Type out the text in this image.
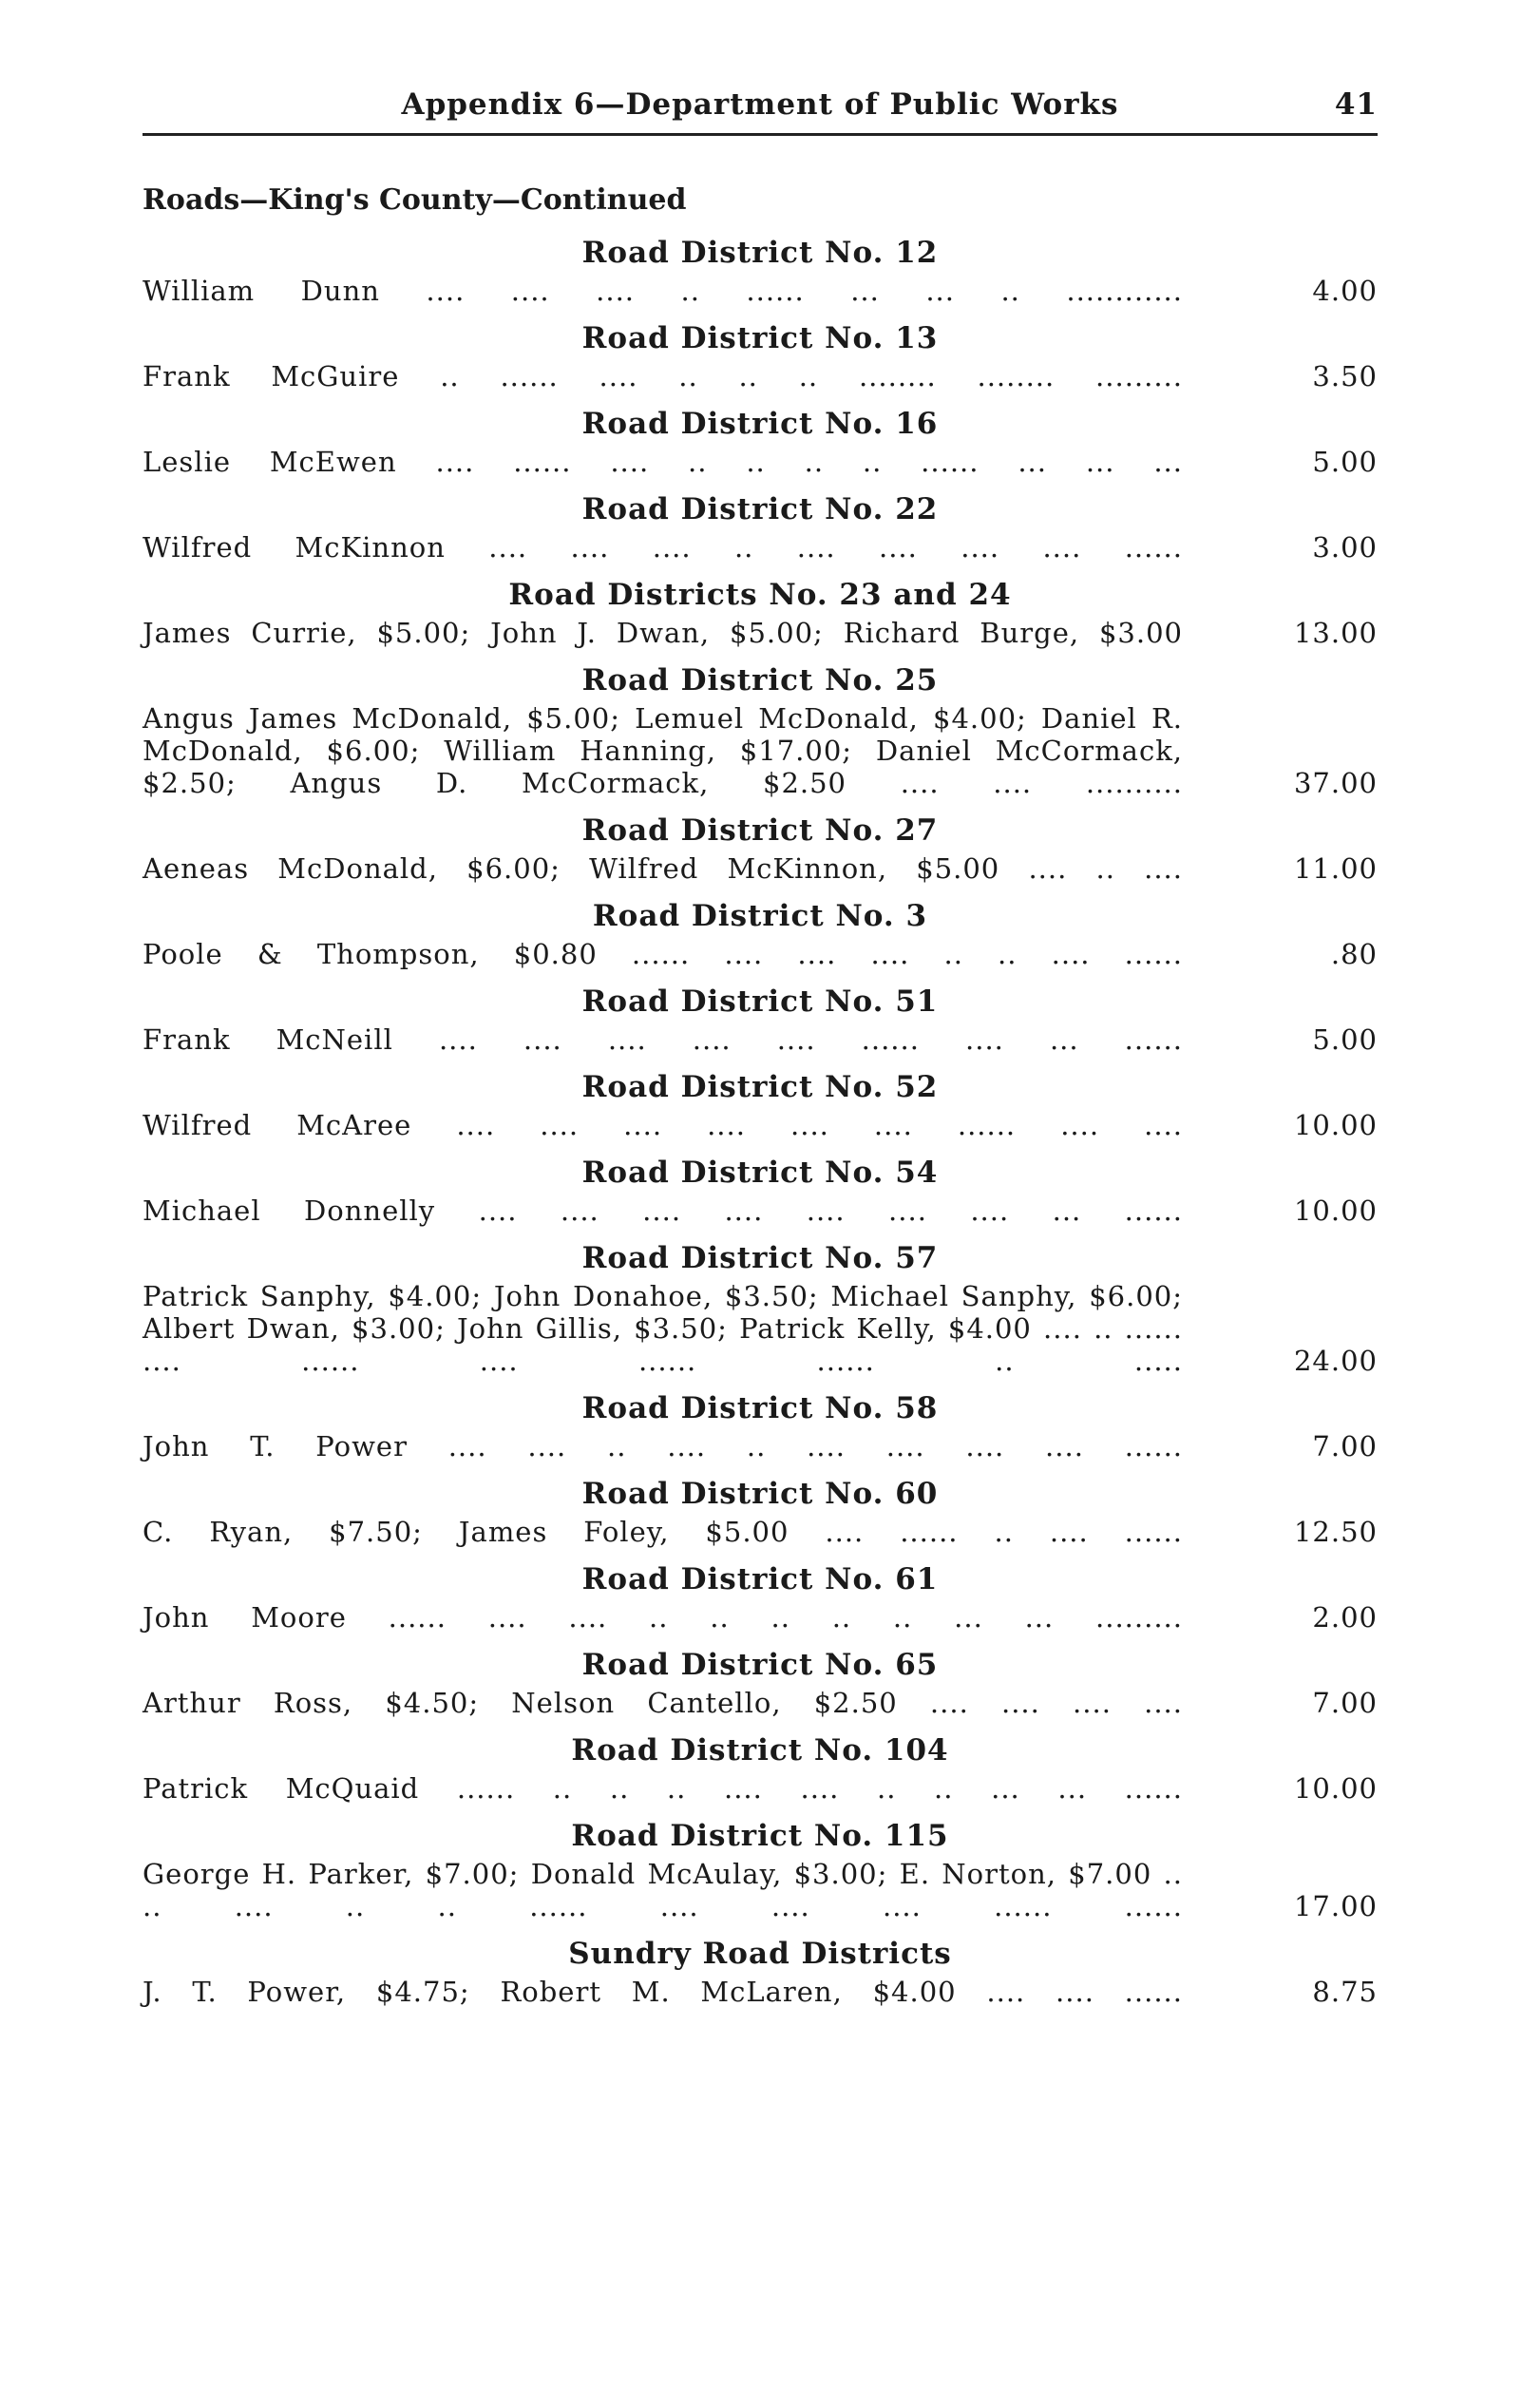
Appendix 6—Department of Public Works	41
Roads—King's County—Continued
Road District No. 12
William Dunn .... .... .... .. ...... ... ... .. ............	4.00
Road District No. 13
Frank McGuire .. ...... .... .. .. .. ........ ........ .........	3.50
Road District No. 16
Leslie McEwen .... ...... .... .. .. .. .. ...... ... ... ...	5.00
Road District No. 22
Wilfred McKinnon .... .... .... .. .... .... .... .... ......	3.00
Road Districts No. 23 and 24
James Currie, $5.00; John J. Dwan, $5.00; Richard Burge, $3.00	13.00
Road District No. 25
Angus James McDonald, $5.00; Lemuel McDonald, $4.00; Daniel R. McDonald, $6.00; William Hanning, $17.00; Daniel McCormack, $2.50; Angus D. McCormack, $2.50 .... .... ..........	37.00
Road District No. 27
Aeneas McDonald, $6.00; Wilfred McKinnon, $5.00 .... .. ....	11.00
Road District No. 3
Poole & Thompson, $0.80 ...... .... .... .... .. .. .... ......	.80
Road District No. 51
Frank McNeill .... .... .... .... .... ...... .... ... ......	5.00
Road District No. 52
Wilfred McAree .... .... .... .... .... .... ...... .... ....	10.00
Road District No. 54
Michael Donnelly .... .... .... .... .... .... .... ... ......	10.00
Road District No. 57
Patrick Sanphy, $4.00; John Donahoe, $3.50; Michael Sanphy, $6.00; Albert Dwan, $3.00; John Gillis, $3.50; Patrick Kelly, $4.00 .... .. ...... .... ...... .... ...... ...... .. .....	24.00
Road District No. 58
John T. Power .... .... .. .... .. .... .... .... .... ......	7.00
Road District No. 60
C. Ryan, $7.50; James Foley, $5.00 .... ...... .. .... ......	12.50
Road District No. 61
John Moore ...... .... .... .. .. .. .. .. ... ... .........	2.00
Road District No. 65
Arthur Ross, $4.50; Nelson Cantello, $2.50 .... .... .... ....	7.00
Road District No. 104
Patrick McQuaid ...... .. .. .. .... .... .. .. ... ... ......	10.00
Road District No. 115
George H. Parker, $7.00; Donald McAulay, $3.00; E. Norton, $7.00 .. .. .... .. .. ...... .... .... .... ...... ......	17.00
Sundry Road Districts
J. T. Power, $4.75; Robert M. McLaren, $4.00 .... .... ......	8.75
